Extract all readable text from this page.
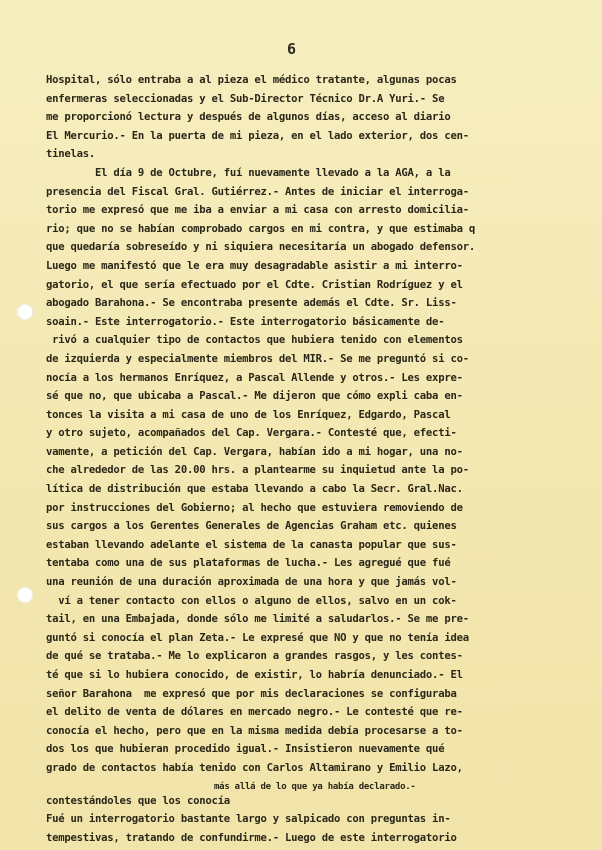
6
Hospital, sólo entraba a al pieza el médico tratante, algunas pocas
enfermeras seleccionadas y el Sub-Director Técnico Dr.A Yuri.- Se
me proporcionó lectura y después de algunos días, acceso al diario
El Mercurio.- En la puerta de mi pieza, en el lado exterior, dos cen-
tinelas.
El día 9 de Octubre, fuí nuevamente llevado a la AGA, a la
presencia del Fiscal Gral. Gutiérrez.- Antes de iniciar el interroga-
torio me expresó que me iba a enviar a mi casa con arresto domicilia-
rio; que no se habían comprobado cargos en mi contra, y que estimaba q
que quedaría sobreseído y ni siquiera necesitaría un abogado defensor.
Luego me manifestó que le era muy desagradable asistir a mi interro-
gatorio, el que sería efectuado por el Cdte. Cristian Rodríguez y el
abogado Barahona.- Se encontraba presente además el Cdte. Sr. Liss-
soain.- Este interrogatorio.- Este interrogatorio básicamente de-
rivó a cualquier tipo de contactos que hubiera tenido con elementos
de izquierda y especialmente miembros del MIR.- Se me preguntó si co-
nocía a los hermanos Enríquez, a Pascal Allende y otros.- Les expre-
sé que no, que ubicaba a Pascal.- Me dijeron que cómo expli caba en-
tonces la visita a mi casa de uno de los Enríquez, Edgardo, Pascal
y otro sujeto, acompañados del Cap. Vergara.- Contesté que, efecti-
vamente, a petición del Cap. Vergara, habían ido a mi hogar, una no-
che alrededor de las 20.00 hrs. a plantearme su inquietud ante la po-
lítica de distribución que estaba llevando a cabo la Secr. Gral.Nac.
por instrucciones del Gobierno; al hecho que estuviera removiendo de
sus cargos a los Gerentes Generales de Agencias Graham etc. quienes
estaban llevando adelante el sistema de la canasta popular que sus-
tentaba como una de sus plataformas de lucha.- Les agregué que fué
una reunión de una duración aproximada de una hora y que jamás vol-
ví a tener contacto con ellos o alguno de ellos, salvo en un cok-
tail, en una Embajada, donde sólo me limité a saludarlos.- Se me pre-
guntó si conocía el plan Zeta.- Le expresé que NO y que no tenía idea
de qué se trataba.- Me lo explicaron a grandes rasgos, y les contes-
té que si lo hubiera conocido, de existir, lo habría denunciado.- El
señor Barahona  me expresó que por mis declaraciones se configuraba
el delito de venta de dólares en mercado negro.- Le contesté que re-
conocía el hecho, pero que en la misma medida debía procesarse a to-
dos los que hubieran procedido igual.- Insistieron nuevamente qué
grado de contactos había tenido con Carlos Altamirano y Emilio Lazo,
más allá de lo que ya había declarado.-
contestándoles que los conocía
Fué un interrogatorio bastante largo y salpicado con preguntas in-
tempestivas, tratando de confundirme.- Luego de este interrogatorio
